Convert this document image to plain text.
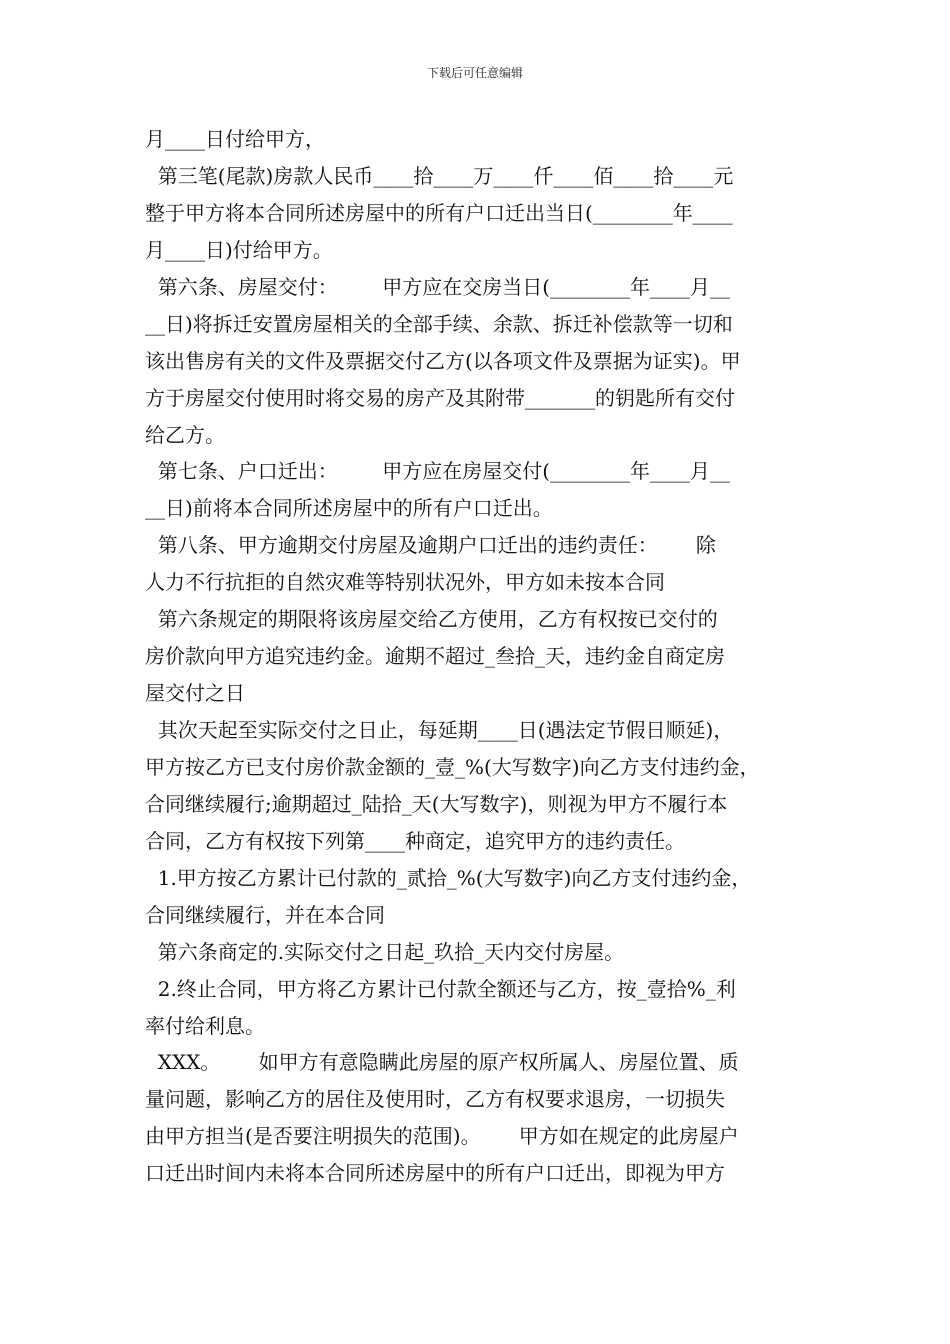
下载后可任意编辑
月____日付给甲方，
第三笔(尾款)房款人民币____拾____万____仟____佰____拾____元
整于甲方将本合同所述房屋中的所有户口迁出当日(________年____
月____日)付给甲方。
第六条、房屋交付：       甲方应在交房当日(________年____月__
__日)将拆迁安置房屋相关的全部手续、余款、拆迁补偿款等一切和
该出售房有关的文件及票据交付乙方(以各项文件及票据为证实)。甲
方于房屋交付使用时将交易的房产及其附带_______的钥匙所有交付
给乙方。
第七条、户口迁出：       甲方应在房屋交付(________年____月__
__日)前将本合同所述房屋中的所有户口迁出。
第八条、甲方逾期交付房屋及逾期户口迁出的违约责任：      除
人力不行抗拒的自然灾难等特别状况外，甲方如未按本合同
第六条规定的期限将该房屋交给乙方使用，乙方有权按已交付的
房价款向甲方追究违约金。逾期不超过_叁拾_天，违约金自商定房
屋交付之日
其次天起至实际交付之日止，每延期____日(遇法定节假日顺延)，
甲方按乙方已支付房价款金额的_壹_%(大写数字)向乙方支付违约金，
合同继续履行;逾期超过_陆拾_天(大写数字)，则视为甲方不履行本
合同，乙方有权按下列第____种商定，追究甲方的违约责任。
1.甲方按乙方累计已付款的_贰拾_%(大写数字)向乙方支付违约金，
合同继续履行，并在本合同
第六条商定的.实际交付之日起_玖拾_天内交付房屋。
2.终止合同，甲方将乙方累计已付款全额还与乙方，按_壹拾%_利
率付给利息。
XXX。      如甲方有意隐瞒此房屋的原产权所属人、房屋位置、质
量问题，影响乙方的居住及使用时，乙方有权要求退房，一切损失
由甲方担当(是否要注明损失的范围)。      甲方如在规定的此房屋户
口迁出时间内未将本合同所述房屋中的所有户口迁出，即视为甲方
